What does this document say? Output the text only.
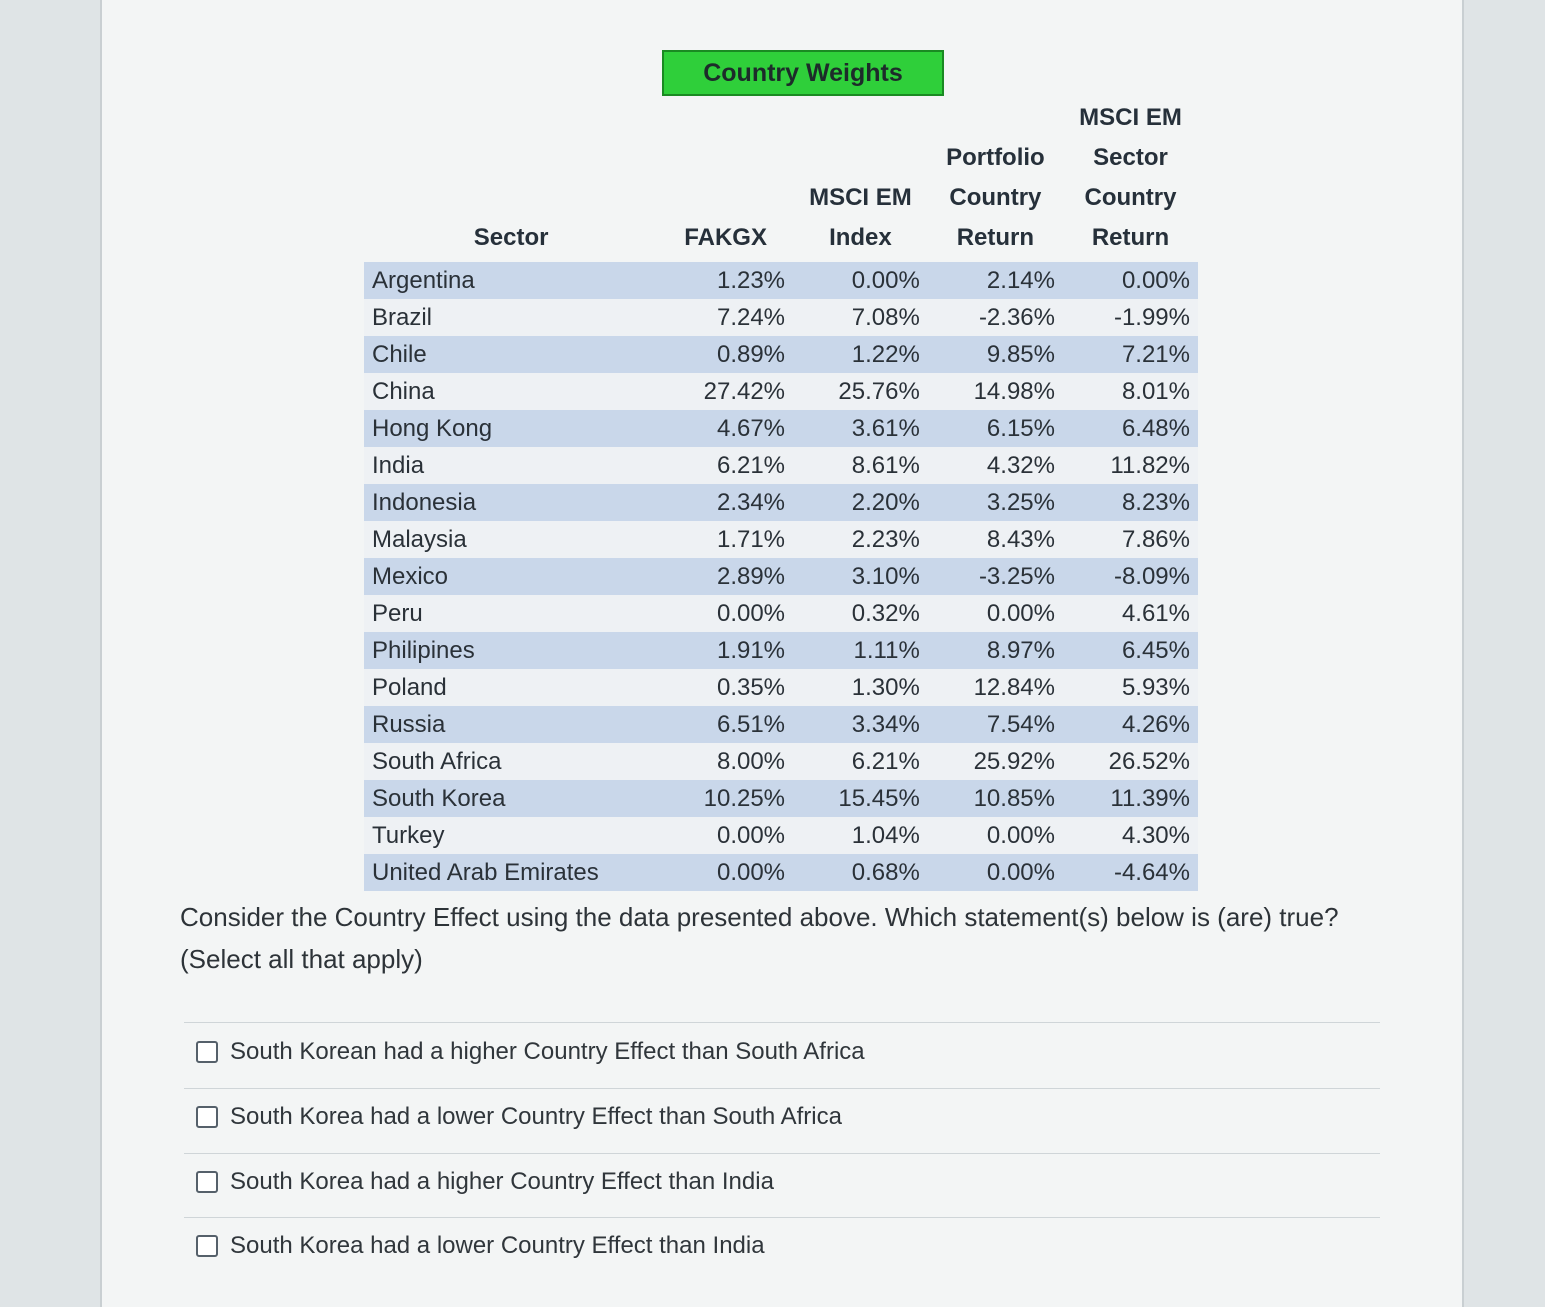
Country Weights
Sector	FAKGX	MSCI EM Index	Portfolio Country Return	MSCI EM Sector Country Return
Argentina	1.23%	0.00%	2.14%	0.00%
Brazil	7.24%	7.08%	-2.36%	-1.99%
Chile	0.89%	1.22%	9.85%	7.21%
China	27.42%	25.76%	14.98%	8.01%
Hong Kong	4.67%	3.61%	6.15%	6.48%
India	6.21%	8.61%	4.32%	11.82%
Indonesia	2.34%	2.20%	3.25%	8.23%
Malaysia	1.71%	2.23%	8.43%	7.86%
Mexico	2.89%	3.10%	-3.25%	-8.09%
Peru	0.00%	0.32%	0.00%	4.61%
Philipines	1.91%	1.11%	8.97%	6.45%
Poland	0.35%	1.30%	12.84%	5.93%
Russia	6.51%	3.34%	7.54%	4.26%
South Africa	8.00%	6.21%	25.92%	26.52%
South Korea	10.25%	15.45%	10.85%	11.39%
Turkey	0.00%	1.04%	0.00%	4.30%
United Arab Emirates	0.00%	0.68%	0.00%	-4.64%
Consider the Country Effect using the data presented above. Which statement(s) below is (are) true? (Select all that apply)
South Korean had a higher Country Effect than South Africa
South Korea had a lower Country Effect than South Africa
South Korea had a higher Country Effect than India
South Korea had a lower Country Effect than India
